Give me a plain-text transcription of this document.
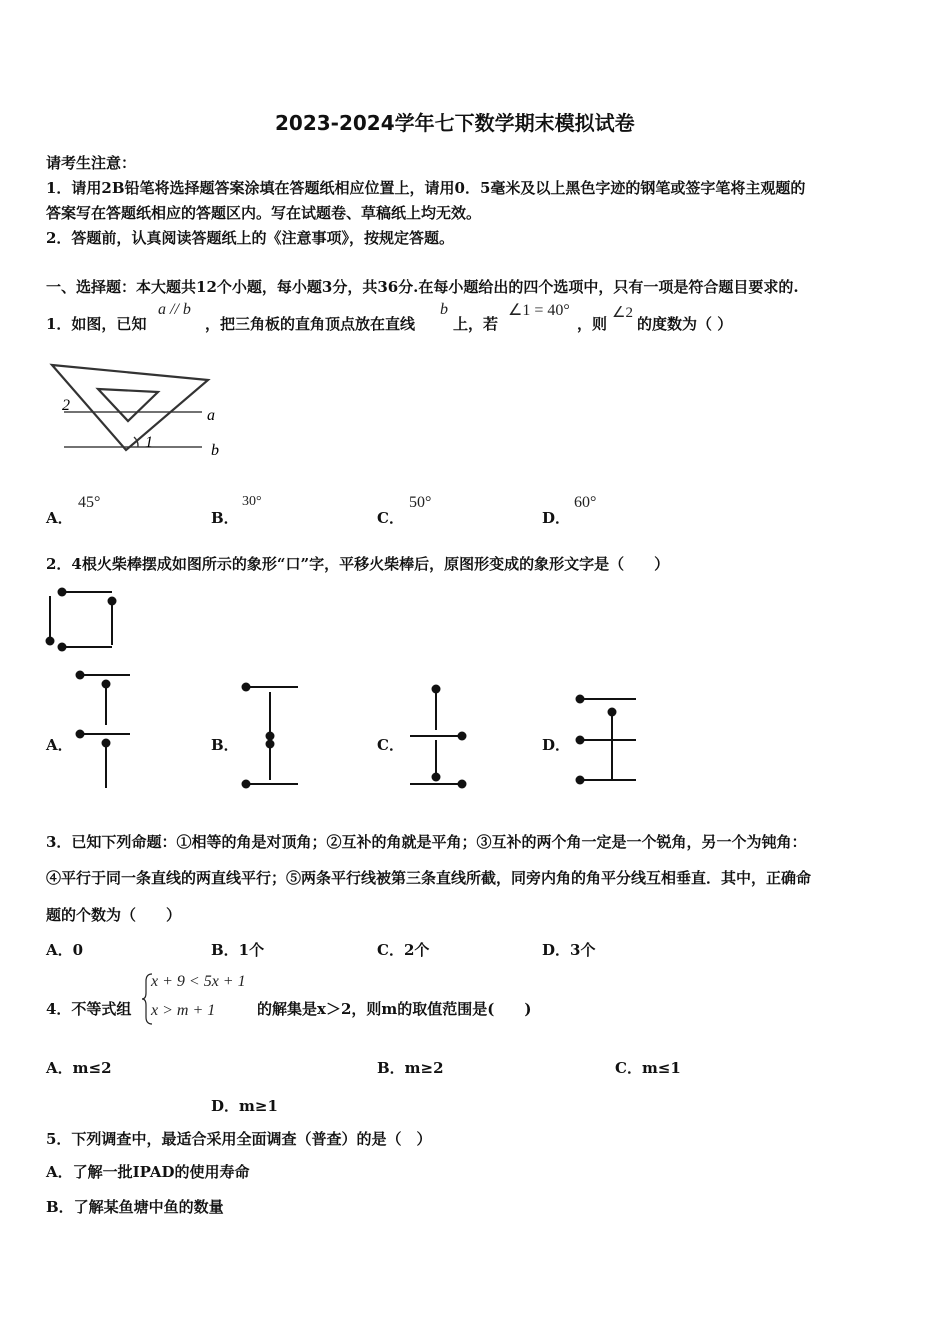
2023-2024学年七下数学期末模拟试卷
请考生注意：
1．请用2B铅笔将选择题答案涂填在答题纸相应位置上，请用0．5毫米及以上黑色字迹的钢笔或签字笔将主观题的
答案写在答题纸相应的答题区内。写在试题卷、草稿纸上均无效。
2．答题前，认真阅读答题纸上的《注意事项》，按规定答题。
一、选择题：本大题共12个小题，每小题3分，共36分.在每小题给出的四个选项中，只有一项是符合题目要求的.
1．如图，已知
a // b
，把三角板的直角顶点放在直线
b
上，若
∠1 = 40°
，则
∠2
的度数为（ ）
2
1
a
b
A．
45°
B．
30°
C．
50°
D．
60°
2．4根火柴棒摆成如图所示的象形“口”字，平移火柴棒后，原图形变成的象形文字是（　　）
A．	B．	C．	D．
3．已知下列命题：①相等的角是对顶角；②互补的角就是平角；③互补的两个角一定是一个锐角，另一个为钝角：
④平行于同一条直线的两直线平行；⑤两条平行线被第三条直线所截，同旁内角的角平分线互相垂直．其中，正确命
题的个数为（　　）
A．0	B．1个	C．2个	D．3个
4．不等式组
x + 9 < 5x + 1
x > m + 1	的解集是x＞2，则m的取值范围是(　　)
A．m≤2	B．m≥2	C．m≤1
D．m≥1
5．下列调查中，最适合采用全面调查（普查）的是（　）
A．了解一批IPAD的使用寿命
B．了解某鱼塘中鱼的数量
